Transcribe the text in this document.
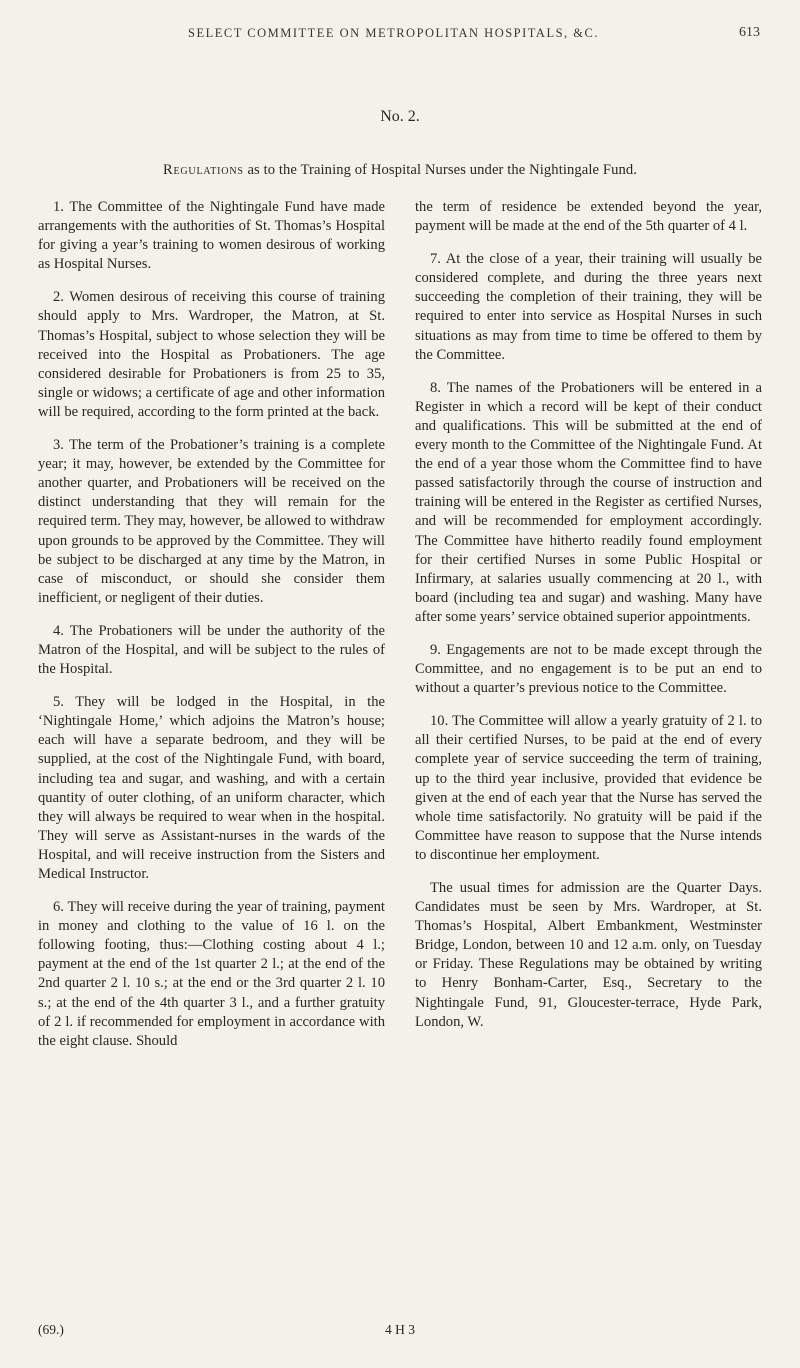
SELECT COMMITTEE ON METROPOLITAN HOSPITALS, &C.	613
No. 2.
Regulations as to the Training of Hospital Nurses under the Nightingale Fund.

1. The Committee of the Nightingale Fund have made arrangements with the authorities of St. Thomas’s Hospital for giving a year’s training to women desirous of working as Hospital Nurses.

2. Women desirous of receiving this course of training should apply to Mrs. Wardroper, the Matron, at St. Thomas’s Hospital, subject to whose selection they will be received into the Hospital as Probationers. The age considered desirable for Probationers is from 25 to 35, single or widows; a certificate of age and other information will be required, according to the form printed at the back.

3. The term of the Probationer’s training is a complete year; it may, however, be extended by the Committee for another quarter, and Probationers will be received on the distinct understanding that they will remain for the required term. They may, however, be allowed to withdraw upon grounds to be approved by the Committee. They will be subject to be discharged at any time by the Matron, in case of misconduct, or should she consider them inefficient, or negligent of their duties.

4. The Probationers will be under the authority of the Matron of the Hospital, and will be subject to the rules of the Hospital.

5. They will be lodged in the Hospital, in the ‘Nightingale Home,’ which adjoins the Matron’s house; each will have a separate bedroom, and they will be supplied, at the cost of the Nightingale Fund, with board, including tea and sugar, and washing, and with a certain quantity of outer clothing, of an uniform character, which they will always be required to wear when in the hospital. They will serve as Assistant-nurses in the wards of the Hospital, and will receive instruction from the Sisters and Medical Instructor.

6. They will receive during the year of training, payment in money and clothing to the value of 16 l. on the following footing, thus:—Clothing costing about 4 l.; payment at the end of the 1st quarter 2 l.; at the end of the 2nd quarter 2 l. 10 s.; at the end or the 3rd quarter 2 l. 10 s.; at the end of the 4th quarter 3 l., and a further gratuity of 2 l. if recommended for employment in accordance with the eight clause. Should

the term of residence be extended beyond the year, payment will be made at the end of the 5th quarter of 4 l.

7. At the close of a year, their training will usually be considered complete, and during the three years next succeeding the completion of their training, they will be required to enter into service as Hospital Nurses in such situations as may from time to time be offered to them by the Committee.

8. The names of the Probationers will be entered in a Register in which a record will be kept of their conduct and qualifications. This will be submitted at the end of every month to the Committee of the Nightingale Fund. At the end of a year those whom the Committee find to have passed satisfactorily through the course of instruction and training will be entered in the Register as certified Nurses, and will be recommended for employment accordingly. The Committee have hitherto readily found employment for their certified Nurses in some Public Hospital or Infirmary, at salaries usually commencing at 20 l., with board (including tea and sugar) and washing. Many have after some years’ service obtained superior appointments.

9. Engagements are not to be made except through the Committee, and no engagement is to be put an end to without a quarter’s previous notice to the Committee.

10. The Committee will allow a yearly gratuity of 2 l. to all their certified Nurses, to be paid at the end of every complete year of service succeeding the term of training, up to the third year inclusive, provided that evidence be given at the end of each year that the Nurse has served the whole time satisfactorily. No gratuity will be paid if the Committee have reason to suppose that the Nurse intends to discontinue her employment.

The usual times for admission are the Quarter Days. Candidates must be seen by Mrs. Wardroper, at St. Thomas’s Hospital, Albert Embankment, Westminster Bridge, London, between 10 and 12 a.m. only, on Tuesday or Friday. These Regulations may be obtained by writing to Henry Bonham-Carter, Esq., Secretary to the Nightingale Fund, 91, Gloucester-terrace, Hyde Park, London, W.

(69.)	4 H 3
